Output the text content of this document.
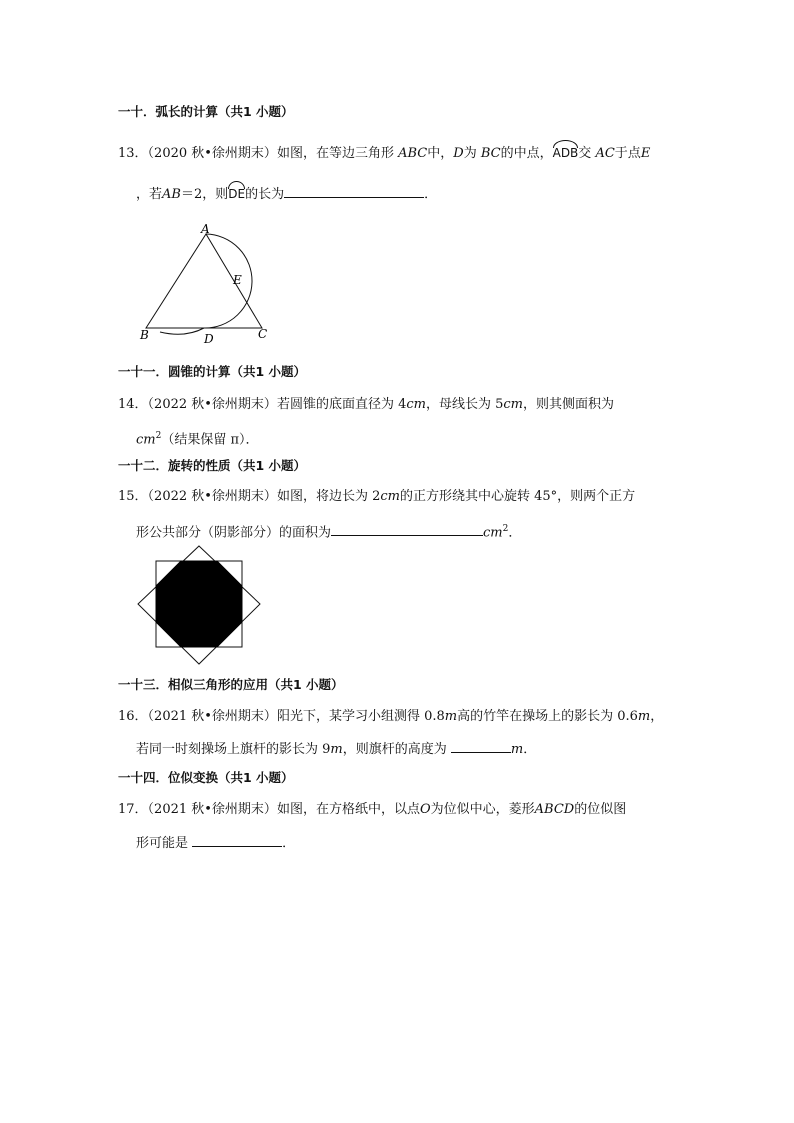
一十．弧长的计算（共1 小题）
13．（2020 秋•徐州期末）如图，在等边三角形 ABC中，D为 BC的中点，ADB交 AC于点E
，若AB＝2，则DE的长为	．
A
B	C
D
E
一十一．圆锥的计算（共1 小题）
14．（2022 秋•徐州期末）若圆锥的底面直径为 4cm，母线长为 5cm，则其侧面积为
$cm^2$（结果保留 π）．
一十二．旋转的性质（共1 小题）
15．（2022 秋•徐州期末）如图，将边长为 2cm的正方形绕其中心旋转 45°，则两个正方
形公共部分（阴影部分）的面积为	$cm^2$．
一十三．相似三角形的应用（共1 小题）
16．（2021 秋•徐州期末）阳光下，某学习小组测得 0.8m高的竹竿在操场上的影长为 0.6m，
若同一时刻操场上旗杆的影长为 9m，则旗杆的高度为	m．
一十四．位似变换（共1 小题）
17．（2021 秋•徐州期末）如图，在方格纸中，以点O为位似中心，菱形ABCD的位似图
形可能是	．
